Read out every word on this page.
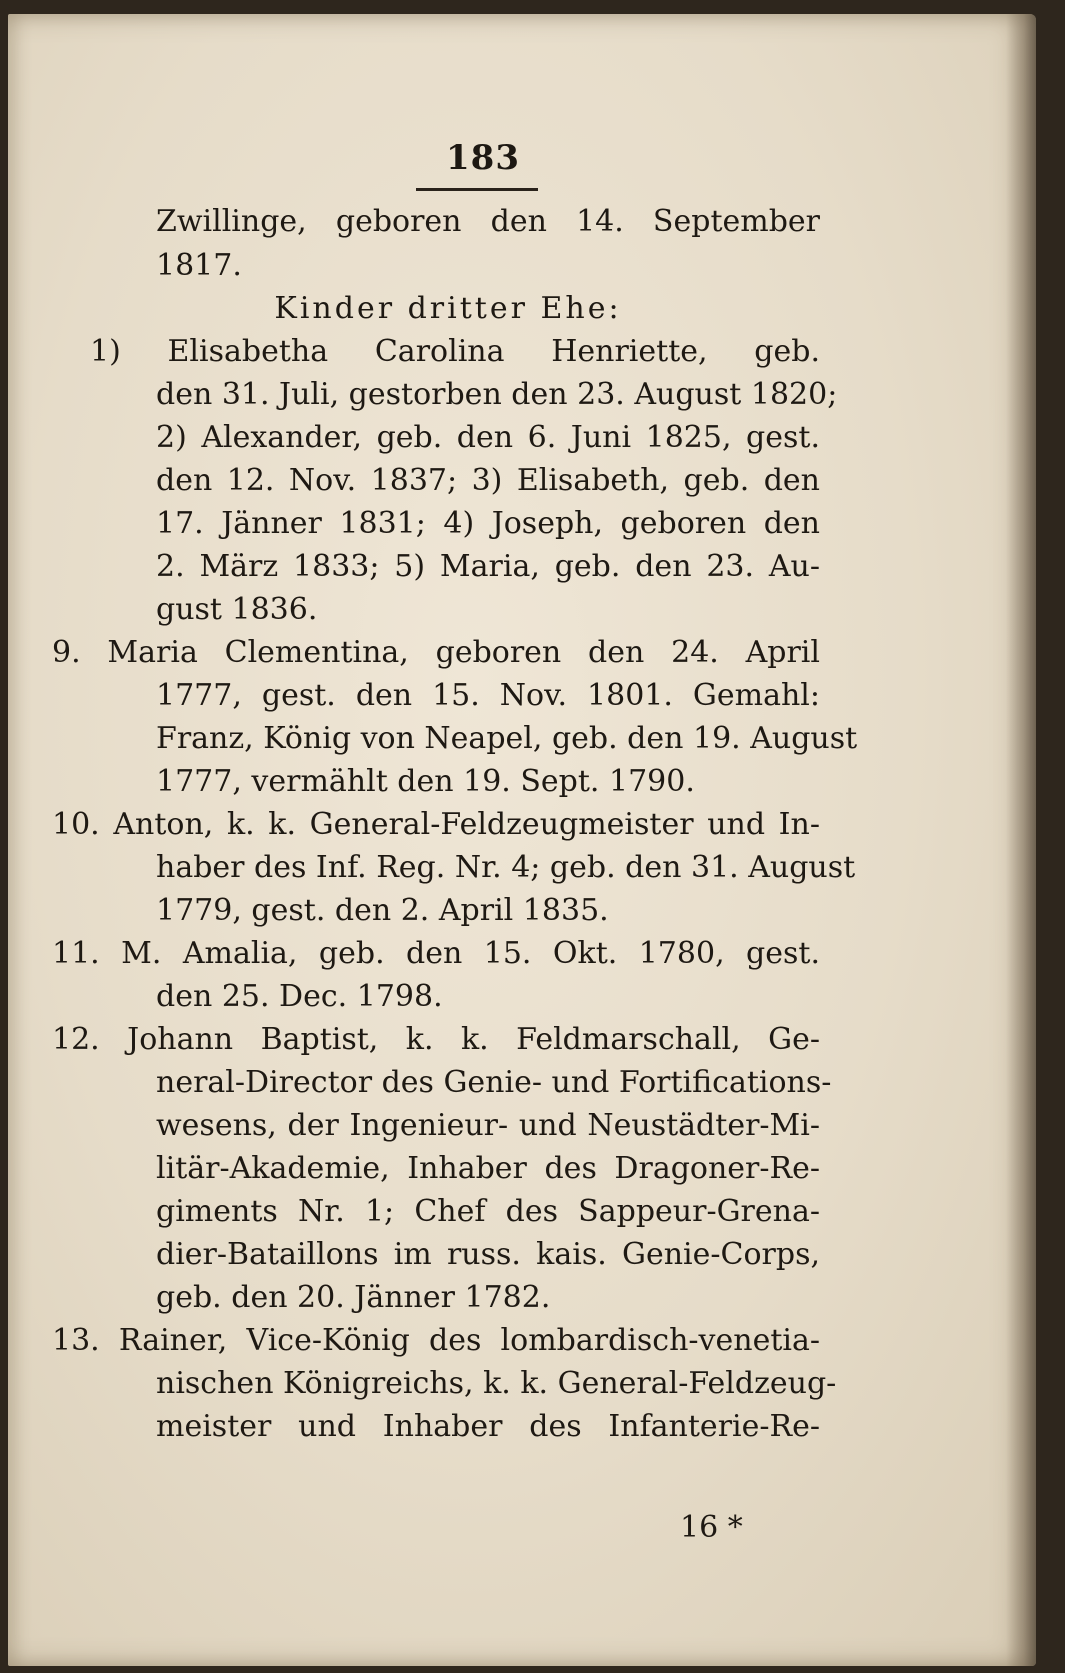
183
Zwillinge, geboren den 14. September
1817.
Kinder dritter Ehe:
1) Elisabetha Carolina Henriette, geb.
den 31. Juli, gestorben den 23. August 1820;
2) Alexander, geb. den 6. Juni 1825, gest.
den 12. Nov. 1837; 3) Elisabeth, geb. den
17. Jänner 1831; 4) Joseph, geboren den
2. März 1833; 5) Maria, geb. den 23. Au-
gust 1836.
9. Maria Clementina, geboren den 24. April
1777, gest. den 15. Nov. 1801. Gemahl:
Franz, König von Neapel, geb. den 19. August
1777, vermählt den 19. Sept. 1790.
10. Anton, k. k. General-Feldzeugmeister und In-
haber des Inf. Reg. Nr. 4; geb. den 31. August
1779, gest. den 2. April 1835.
11. M. Amalia, geb. den 15. Okt. 1780, gest.
den 25. Dec. 1798.
12. Johann Baptist, k. k. Feldmarschall, Ge-
neral-Director des Genie- und Fortifications-
wesens, der Ingenieur- und Neustädter-Mi-
litär-Akademie, Inhaber des Dragoner-Re-
giments Nr. 1; Chef des Sappeur-Grena-
dier-Bataillons im russ. kais. Genie-Corps,
geb. den 20. Jänner 1782.
13. Rainer, Vice-König des lombardisch-venetia-
nischen Königreichs, k. k. General-Feldzeug-
meister und Inhaber des Infanterie-Re-
16 *
